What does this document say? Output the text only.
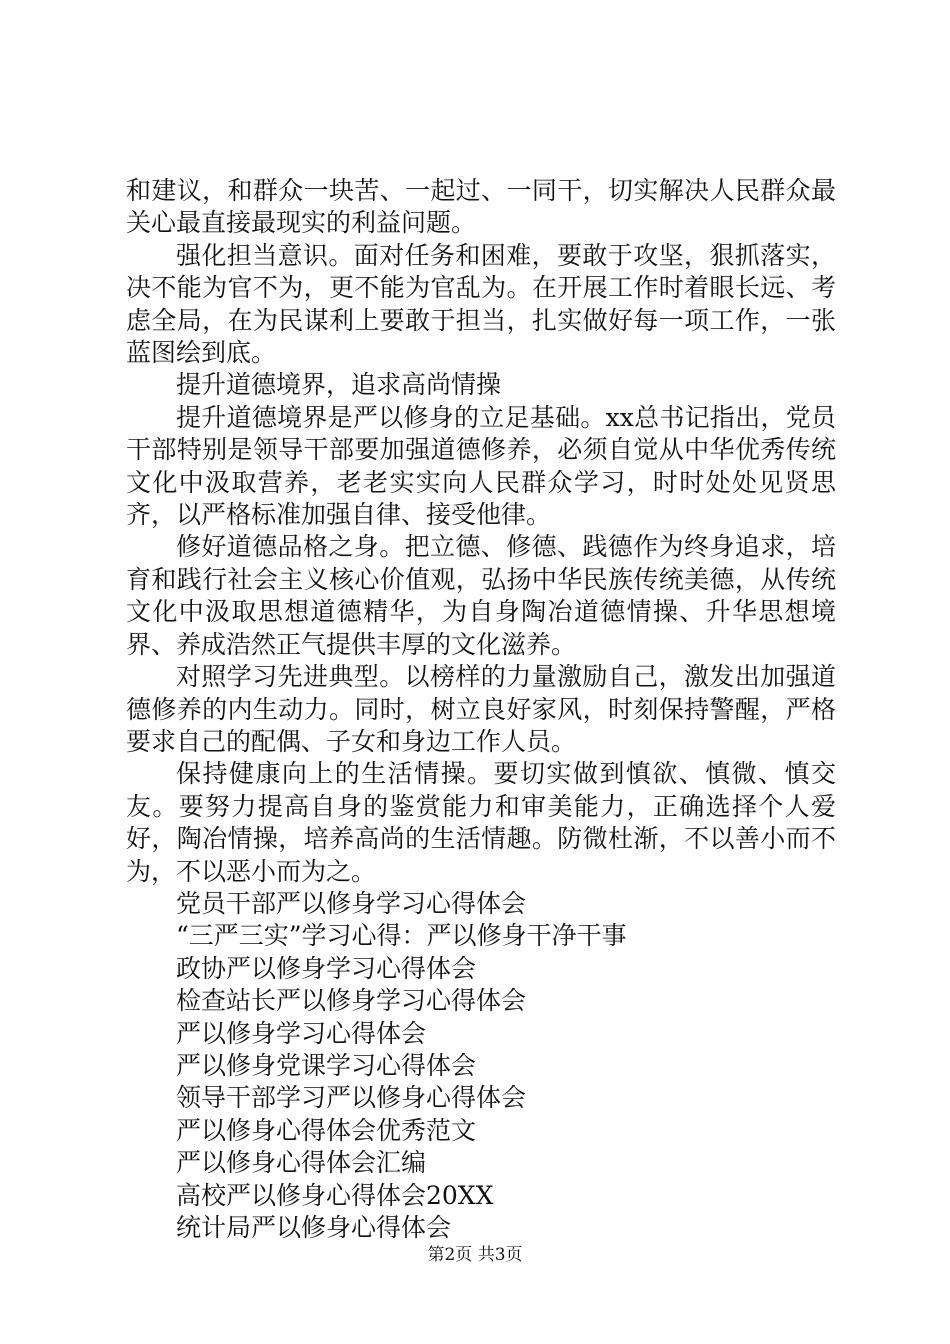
和建议，和群众一块苦、一起过、一同干，切实解决人民群众最关心最直接最现实的利益问题。

强化担当意识。面对任务和困难，要敢于攻坚，狠抓落实，决不能为官不为，更不能为官乱为。在开展工作时着眼长远、考虑全局，在为民谋利上要敢于担当，扎实做好每一项工作，一张蓝图绘到底。

提升道德境界，追求高尚情操

提升道德境界是严以修身的立足基础。xx总书记指出，党员干部特别是领导干部要加强道德修养，必须自觉从中华优秀传统文化中汲取营养，老老实实向人民群众学习，时时处处见贤思齐，以严格标准加强自律、接受他律。

修好道德品格之身。把立德、修德、践德作为终身追求，培育和践行社会主义核心价值观，弘扬中华民族传统美德，从传统文化中汲取思想道德精华，为自身陶冶道德情操、升华思想境界、养成浩然正气提供丰厚的文化滋养。

对照学习先进典型。以榜样的力量激励自己，激发出加强道德修养的内生动力。同时，树立良好家风，时刻保持警醒，严格要求自己的配偶、子女和身边工作人员。

保持健康向上的生活情操。要切实做到慎欲、慎微、慎交友。要努力提高自身的鉴赏能力和审美能力，正确选择个人爱好，陶冶情操，培养高尚的生活情趣。防微杜渐，不以善小而不为，不以恶小而为之。

党员干部严以修身学习心得体会
“三严三实”学习心得：严以修身干净干事
政协严以修身学习心得体会
检查站长严以修身学习心得体会
严以修身学习心得体会
严以修身党课学习心得体会
领导干部学习严以修身心得体会
严以修身心得体会优秀范文
严以修身心得体会汇编
高校严以修身心得体会20XX
统计局严以修身心得体会
第2页 共3页
